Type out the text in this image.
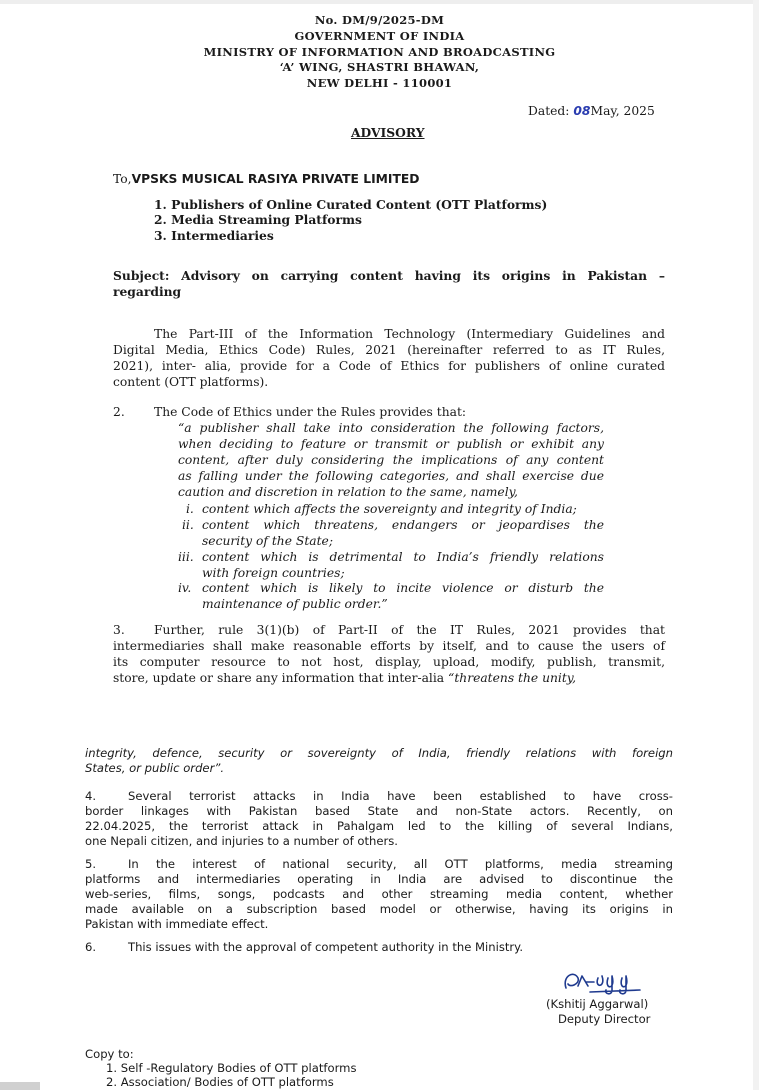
No. DM/9/2025-DM
GOVERNMENT OF INDIA
MINISTRY OF INFORMATION AND BROADCASTING
‘A’ WING, SHASTRI BHAWAN,
NEW DELHI - 110001
Dated: 08May, 2025
ADVISORY
To,VPSKS MUSICAL RASIYA PRIVATE LIMITED
1. Publishers of Online Curated Content (OTT Platforms)
2. Media Streaming Platforms
3. Intermediaries
Subject: Advisory on carrying content having its origins in Pakistan –
regarding
The Part-III of the Information Technology (Intermediary Guidelines and
Digital Media, Ethics Code) Rules, 2021 (hereinafter referred to as IT Rules,
2021), inter- alia, provide for a Code of Ethics for publishers of online curated
content (OTT platforms).
2. The Code of Ethics under the Rules provides that:
“a publisher shall take into consideration the following factors,
when deciding to feature or transmit or publish or exhibit any
content, after duly considering the implications of any content
as falling under the following categories, and shall exercise due
caution and discretion in relation to the same, namely,
i. content which affects the sovereignty and integrity of India;
ii. content which threatens, endangers or jeopardises the
security of the State;
iii. content which is detrimental to India’s friendly relations
with foreign countries;
iv. content which is likely to incite violence or disturb the
maintenance of public order.”
3. Further, rule 3(1)(b) of Part-II of the IT Rules, 2021 provides that
intermediaries shall make reasonable efforts by itself, and to cause the users of
its computer resource to not host, display, upload, modify, publish, transmit,
store, update or share any information that inter-alia “threatens the unity,
integrity, defence, security or sovereignty of India, friendly relations with foreign
States, or public order”.
4.	Several terrorist attacks in India have been established to have cross-
border linkages with Pakistan based State and non-State actors. Recently, on
22.04.2025, the terrorist attack in Pahalgam led to the killing of several Indians,
one Nepali citizen, and injuries to a number of others.
5.	In the interest of national security, all OTT platforms, media streaming
platforms and intermediaries operating in India are advised to discontinue the
web-series, films, songs, podcasts and other streaming media content, whether
made available on a subscription based model or otherwise, having its origins in
Pakistan with immediate effect.
6.	This issues with the approval of competent authority in the Ministry.
(Kshitij Aggarwal)
Deputy Director
Copy to:
1. Self -Regulatory Bodies of OTT platforms
2. Association/ Bodies of OTT platforms
